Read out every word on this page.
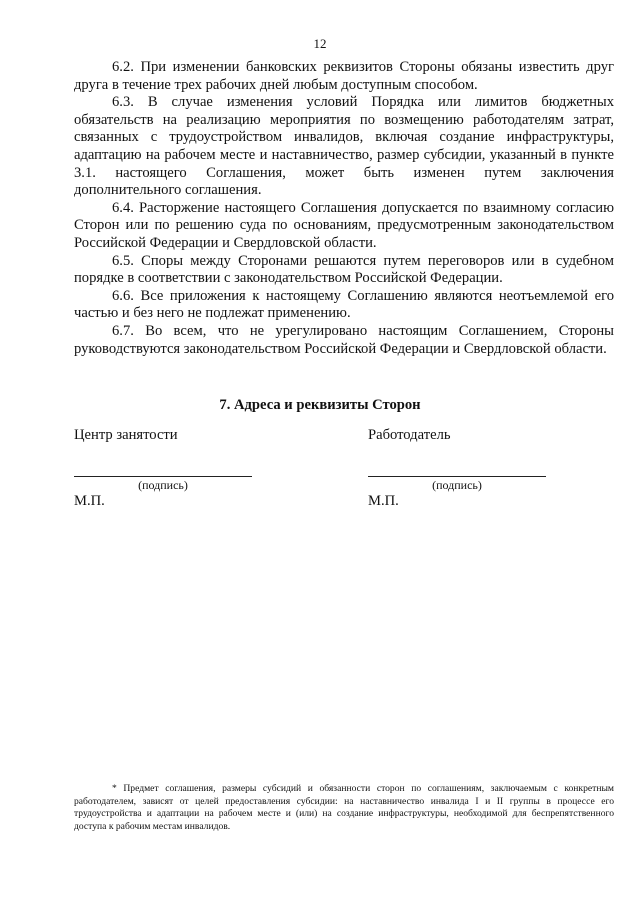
12

6.2. При изменении банковских реквизитов Стороны обязаны известить друг друга в течение трех рабочих дней любым доступным способом.

6.3. В случае изменения условий Порядка или лимитов бюджетных обязательств на реализацию мероприятия по возмещению работодателям затрат, связанных с трудоустройством инвалидов, включая создание инфраструктуры, адаптацию на рабочем месте и наставничество, размер субсидии, указанный в пункте 3.1. настоящего Соглашения, может быть изменен путем заключения дополнительного соглашения.

6.4. Расторжение настоящего Соглашения допускается по взаимному согласию Сторон или по решению суда по основаниям, предусмотренным законодательством Российской Федерации и Свердловской области.

6.5. Споры между Сторонами решаются путем переговоров или в судебном порядке в соответствии с законодательством Российской Федерации.

6.6. Все приложения к настоящему Соглашению являются неотъемлемой его частью и без него не подлежат применению.

6.7. Во всем, что не урегулировано настоящим Соглашением, Стороны руководствуются законодательством Российской Федерации и Свердловской области.

7. Адреса и реквизиты Сторон
Центр занятости
(подпись)
М.П.
Работодатель
(подпись)
М.П.

* Предмет соглашения, размеры субсидий и обязанности сторон по соглашениям, заключаемым с конкретным работодателем, зависят от целей предоставления субсидии: на наставничество инвалида I и II группы в процессе его трудоустройства и адаптации на рабочем месте и (или) на создание инфраструктуры, необходимой для беспрепятственного доступа к рабочим местам инвалидов.
